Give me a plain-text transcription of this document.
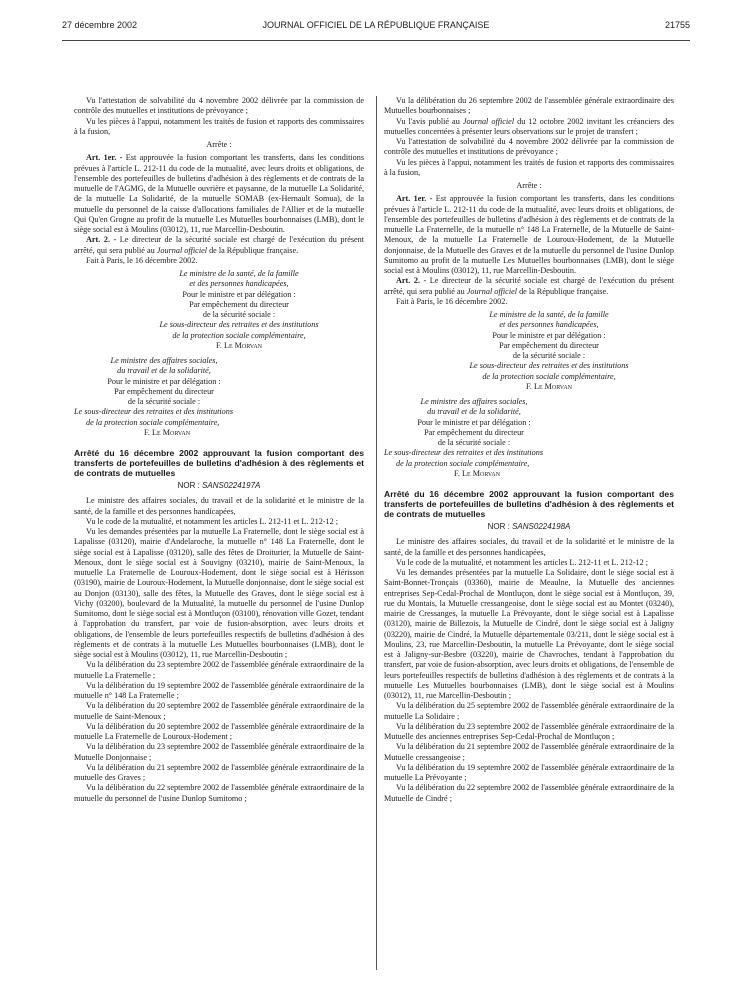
27 décembre 2002	JOURNAL OFFICIEL DE LA RÉPUBLIQUE FRANÇAISE	21755

Vu l'attestation de solvabilité du 4 novembre 2002 délivrée par la commission de contrôle des mutuelles et institutions de prévoyance ;

Vu les pièces à l'appui, notamment les traités de fusion et rapports des commissaires à la fusion,

Arrête :

Art. 1er. - Est approuvée la fusion comportant les transferts, dans les conditions prévues à l'article L. 212-11 du code de la mutualité, avec leurs droits et obligations, de l'ensemble des portefeuilles de bulletins d'adhésion à des règlements et de contrats de la mutuelle de l'AGMG, de la Mutuelle ouvrière et paysanne, de la mutuelle La Solidarité, de la mutuelle La Solidarité, de la mutuelle SOMAB (ex-Hernault Somua), de la mutuelle du personnel de la caisse d'allocations familiales de l'Allier et de la mutuelle Qui Qu'en Grogne au profit de la mutuelle Les Mutuelles bourbonnaises (LMB), dont le siège social est à Moulins (03012), 11, rue Marcellin-Desboutin.

Art. 2. - Le directeur de la sécurité sociale est chargé de l'exécution du présent arrêté, qui sera publié au Journal officiel de la République française.

Fait à Paris, le 16 décembre 2002.

Le ministre de la santé, de la famille

et des personnes handicapées,

Pour le ministre et par délégation :

Par empêchement du directeur

de la sécurité sociale :

Le sous-directeur des retraites et des institutions

de la protection sociale complémentaire,

F. Le Morvan

Le ministre des affaires sociales,

du travail et de la solidarité,

Pour le ministre et par délégation :

Par empêchement du directeur

de la sécurité sociale :

Le sous-directeur des retraites et des institutions

de la protection sociale complémentaire,

F. Le Morvan

Arrêté du 16 décembre 2002 approuvant la fusion comportant des transferts de portefeuilles de bulletins d'adhésion à des règlements et de contrats de mutuelles

NOR : SANS0224197A

Le ministre des affaires sociales, du travail et de la solidarité et le ministre de la santé, de la famille et des personnes handicapées,

Vu le code de la mutualité, et notamment les articles L. 212-11 et L. 212-12 ;

Vu les demandes présentées par la mutuelle La Fraternelle, dont le siège social est à Lapalisse (03120), mairie d'Andelaroche, la mutuelle n° 148 La Fraternelle, dont le siège social est à Lapalisse (03120), salle des fêtes de Droiturier, la Mutuelle de Saint-Menoux, dont le siège social est à Souvigny (03210), mairie de Saint-Menoux, la mutuelle La Fraternelle de Louroux-Hodement, dont le siège social est à Hérisson (03190), mairie de Louroux-Hodement, la Mutuelle donjonnaise, dont le siège social est au Donjon (03130), salle des fêtes, la Mutuelle des Graves, dont le siège social est à Vichy (03200), boulevard de la Mutualité, la mutuelle du personnel de l'usine Dunlop Sumitomo, dont le siège social est à Montluçon (03100), rénovation ville Gozet, tendant à l'approbation du transfert, par voie de fusion-absorption, avec leurs droits et obligations, de l'ensemble de leurs portefeuilles respectifs de bulletins d'adhésion à des règlements et de contrats à la mutuelle Les Mutuelles bourbonnaises (LMB), dont le siège social est à Moulins (03012), 11, rue Marcellin-Desboutin ;

Vu la délibération du 23 septembre 2002 de l'assemblée générale extraordinaire de la mutuelle La Fraternelle ;

Vu la délibération du 19 septembre 2002 de l'assemblée générale extraordinaire de la mutuelle n° 148 La Fraternelle ;

Vu la délibération du 20 septembre 2002 de l'assemblée générale extraordinaire de la mutuelle de Saint-Menoux ;

Vu la délibération du 20 septembre 2002 de l'assemblée générale extraordinaire de la mutuelle La Fraternelle de Louroux-Hodement ;

Vu la délibération du 23 septembre 2002 de l'assemblée générale extraordinaire de la Mutuelle Donjonnaise ;

Vu la délibération du 21 septembre 2002 de l'assemblée générale extraordinaire de la mutuelle des Graves ;

Vu la délibération du 22 septembre 2002 de l'assemblée générale extraordinaire de la mutuelle du personnel de l'usine Dunlop Sumitomo ;

Vu la délibération du 26 septembre 2002 de l'assemblée générale extraordinaire des Mutuelles bourbonnaises ;

Vu l'avis publié au Journal officiel du 12 octobre 2002 invitant les créanciers des mutuelles concernées à présenter leurs observations sur le projet de transfert ;

Vu l'attestation de solvabilité du 4 novembre 2002 délivrée par la commission de contrôle des mutuelles et institutions de prévoyance ;

Vu les pièces à l'appui, notamment les traités de fusion et rapports des commissaires à la fusion,

Arrête :

Art. 1er. - Est approuvée la fusion comportant les transferts, dans les conditions prévues à l'article L. 212-11 du code de la mutualité, avec leurs droits et obligations, de l'ensemble des portefeuilles de bulletins d'adhésion à des règlements et de contrats de la mutuelle La Fraternelle, de la mutuelle n° 148 La Fraternelle, de la Mutuelle de Saint-Menoux, de la mutuelle La Fraternelle de Louroux-Hodement, de la Mutuelle donjonnaise, de la Mutuelle des Graves et de la mutuelle du personnel de l'usine Dunlop Sumitomo au profit de la mutuelle Les Mutuelles bourbonnaises (LMB), dont le siège social est à Moulins (03012), 11, rue Marcellin-Desboutin.

Art. 2. - Le directeur de la sécurité sociale est chargé de l'exécution du présent arrêté, qui sera publié au Journal officiel de la République française.

Fait à Paris, le 16 décembre 2002.

Le ministre de la santé, de la famille

et des personnes handicapées,

Pour le ministre et par délégation :

Par empêchement du directeur

de la sécurité sociale :

Le sous-directeur des retraites et des institutions

de la protection sociale complémentaire,

F. Le Morvan

Le ministre des affaires sociales,

du travail et de la solidarité,

Pour le ministre et par délégation :

Par empêchement du directeur

de la sécurité sociale :

Le sous-directeur des retraites et des institutions

de la protection sociale complémentaire,

F. Le Morvan

Arrêté du 16 décembre 2002 approuvant la fusion comportant des transferts de portefeuilles de bulletins d'adhésion à des règlements et de contrats de mutuelles

NOR : SANS0224198A

Le ministre des affaires sociales, du travail et de la solidarité et le ministre de la santé, de la famille et des personnes handicapées,

Vu le code de la mutualité, et notamment les articles L. 212-11 et L. 212-12 ;

Vu les demandes présentées par la mutuelle La Solidaire, dont le siège social est à Saint-Bonnet-Tronçais (03360), mairie de Meaulne, la Mutuelle des anciennes entreprises Sep-Cedal-Prochal de Montluçon, dont le siège social est à Montluçon, 39, rue du Montais, la Mutuelle cressangeoise, dont le siège social est au Montet (03240), mairie de Cressanges, la mutuelle La Prévoyante, dont le siège social est à Lapalisse (03120), mairie de Billezois, la Mutuelle de Cindré, dont le siège social est à Jaligny (03220), mairie de Cindré, la Mutuelle départementale 03/211, dont le siège social est à Moulins, 23, rue Marcellin-Desboutin, la mutuelle La Prévoyante, dont le siège social est à Jaligny-sur-Besbre (03220), mairie de Chavroches, tendant à l'approbation du transfert, par voie de fusion-absorption, avec leurs droits et obligations, de l'ensemble de leurs portefeuilles respectifs de bulletins d'adhésion à des règlements et de contrats à la mutuelle Les Mutuelles bourbonnaises (LMB), dont le siège social est à Moulins (03012), 11, rue Marcellin-Desboutin ;

Vu la délibération du 25 septembre 2002 de l'assemblée générale extraordinaire de la mutuelle La Solidaire ;

Vu la délibération du 23 septembre 2002 de l'assemblée générale extraordinaire de la Mutuelle des anciennes entreprises Sep-Cedal-Prochal de Montluçon ;

Vu la délibération du 21 septembre 2002 de l'assemblée générale extraordinaire de la Mutuelle cressangeoise ;

Vu la délibération du 19 septembre 2002 de l'assemblée générale extraordinaire de la mutuelle La Prévoyante ;

Vu la délibération du 22 septembre 2002 de l'assemblée générale extraordinaire de la Mutuelle de Cindré ;
